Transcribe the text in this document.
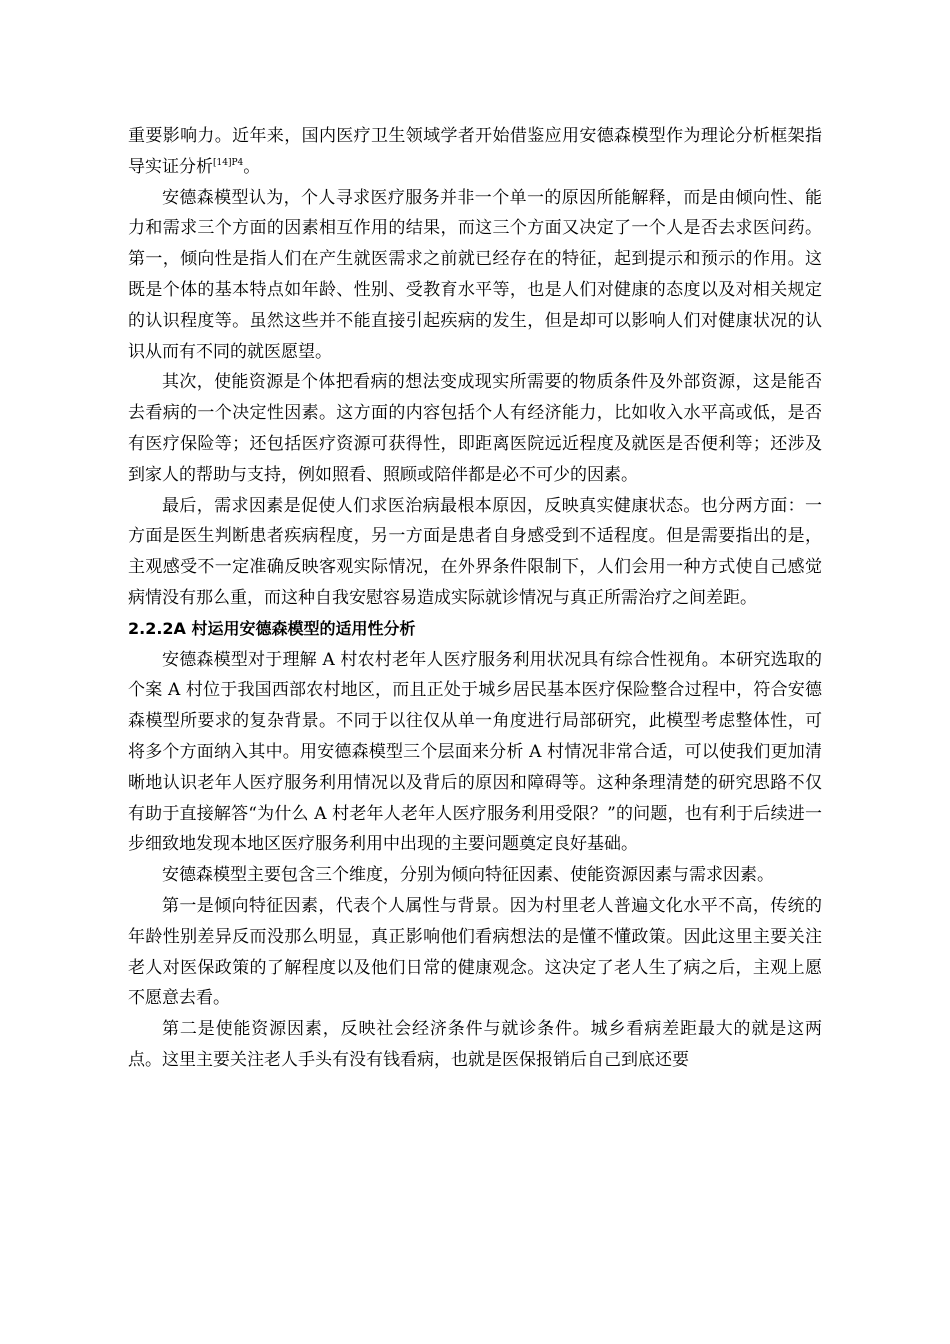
重要影响力。近年来，国内医疗卫生领域学者开始借鉴应用安德森模型作为理论分析框架指导实证分析$^{[14]P4}$。

安德森模型认为，个人寻求医疗服务并非一个单一的原因所能解释，而是由倾向性、能力和需求三个方面的因素相互作用的结果，而这三个方面又决定了一个人是否去求医问药。第一，倾向性是指人们在产生就医需求之前就已经存在的特征，起到提示和预示的作用。这既是个体的基本特点如年龄、性别、受教育水平等，也是人们对健康的态度以及对相关规定的认识程度等。虽然这些并不能直接引起疾病的发生，但是却可以影响人们对健康状况的认识从而有不同的就医愿望。

其次，使能资源是个体把看病的想法变成现实所需要的物质条件及外部资源，这是能否去看病的一个决定性因素。这方面的内容包括个人有经济能力，比如收入水平高或低，是否有医疗保险等；还包括医疗资源可获得性，即距离医院远近程度及就医是否便利等；还涉及到家人的帮助与支持，例如照看、照顾或陪伴都是必不可少的因素。

最后，需求因素是促使人们求医治病最根本原因，反映真实健康状态。也分两方面：一方面是医生判断患者疾病程度，另一方面是患者自身感受到不适程度。但是需要指出的是，主观感受不一定准确反映客观实际情况，在外界条件限制下，人们会用一种方式使自己感觉病情没有那么重，而这种自我安慰容易造成实际就诊情况与真正所需治疗之间差距。

2.2.2A 村运用安德森模型的适用性分析

安德森模型对于理解 A 村农村老年人医疗服务利用状况具有综合性视角。本研究选取的个案 A 村位于我国西部农村地区，而且正处于城乡居民基本医疗保险整合过程中，符合安德森模型所要求的复杂背景。不同于以往仅从单一角度进行局部研究，此模型考虑整体性，可将多个方面纳入其中。用安德森模型三个层面来分析 A 村情况非常合适，可以使我们更加清晰地认识老年人医疗服务利用情况以及背后的原因和障碍等。这种条理清楚的研究思路不仅有助于直接解答“为什么 A 村老年人老年人医疗服务利用受限？”的问题，也有利于后续进一步细致地发现本地区医疗服务利用中出现的主要问题奠定良好基础。

安德森模型主要包含三个维度，分别为倾向特征因素、使能资源因素与需求因素。

第一是倾向特征因素，代表个人属性与背景。因为村里老人普遍文化水平不高，传统的年龄性别差异反而没那么明显，真正影响他们看病想法的是懂不懂政策。因此这里主要关注老人对医保政策的了解程度以及他们日常的健康观念。这决定了老人生了病之后，主观上愿不愿意去看。

第二是使能资源因素，反映社会经济条件与就诊条件。城乡看病差距最大的就是这两点。这里主要关注老人手头有没有钱看病，也就是医保报销后自己到底还要
